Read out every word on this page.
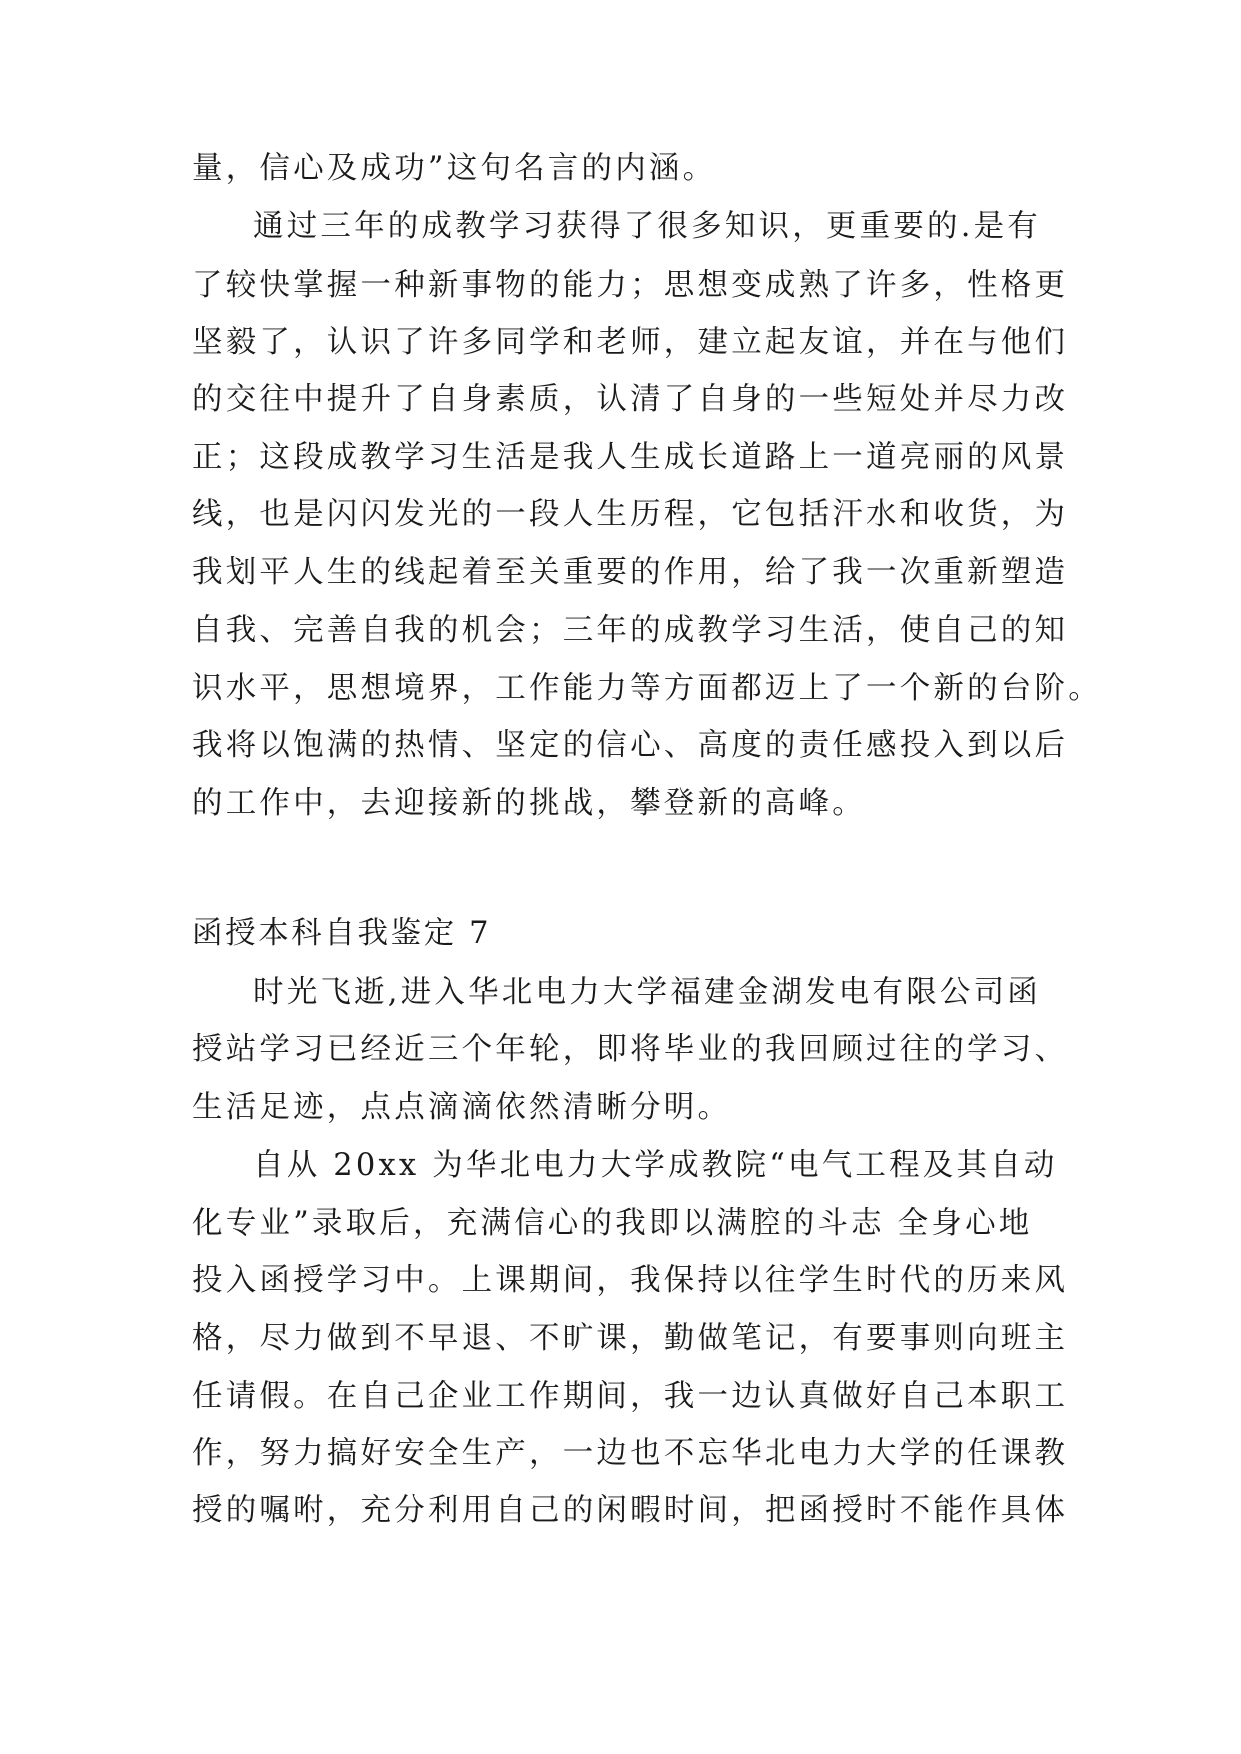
量，信心及成功”这句名言的内涵。
通过三年的成教学习获得了很多知识，更重要的.是有
了较快掌握一种新事物的能力；思想变成熟了许多，性格更
坚毅了，认识了许多同学和老师，建立起友谊，并在与他们
的交往中提升了自身素质，认清了自身的一些短处并尽力改
正；这段成教学习生活是我人生成长道路上一道亮丽的风景
线，也是闪闪发光的一段人生历程，它包括汗水和收货，为
我划平人生的线起着至关重要的作用，给了我一次重新塑造
自我、完善自我的机会；三年的成教学习生活，使自己的知
识水平，思想境界，工作能力等方面都迈上了一个新的台阶。
我将以饱满的热情、坚定的信心、高度的责任感投入到以后
的工作中，去迎接新的挑战，攀登新的高峰。
函授本科自我鉴定 7
时光飞逝,进入华北电力大学福建金湖发电有限公司函
授站学习已经近三个年轮，即将毕业的我回顾过往的学习、
生活足迹，点点滴滴依然清晰分明。
自从 20xx 为华北电力大学成教院“电气工程及其自动
化专业”录取后，充满信心的我即以满腔的斗志 全身心地
投入函授学习中。上课期间，我保持以往学生时代的历来风
格，尽力做到不早退、不旷课，勤做笔记，有要事则向班主
任请假。在自己企业工作期间，我一边认真做好自己本职工
作，努力搞好安全生产，一边也不忘华北电力大学的任课教
授的嘱咐，充分利用自己的闲暇时间，把函授时不能作具体
